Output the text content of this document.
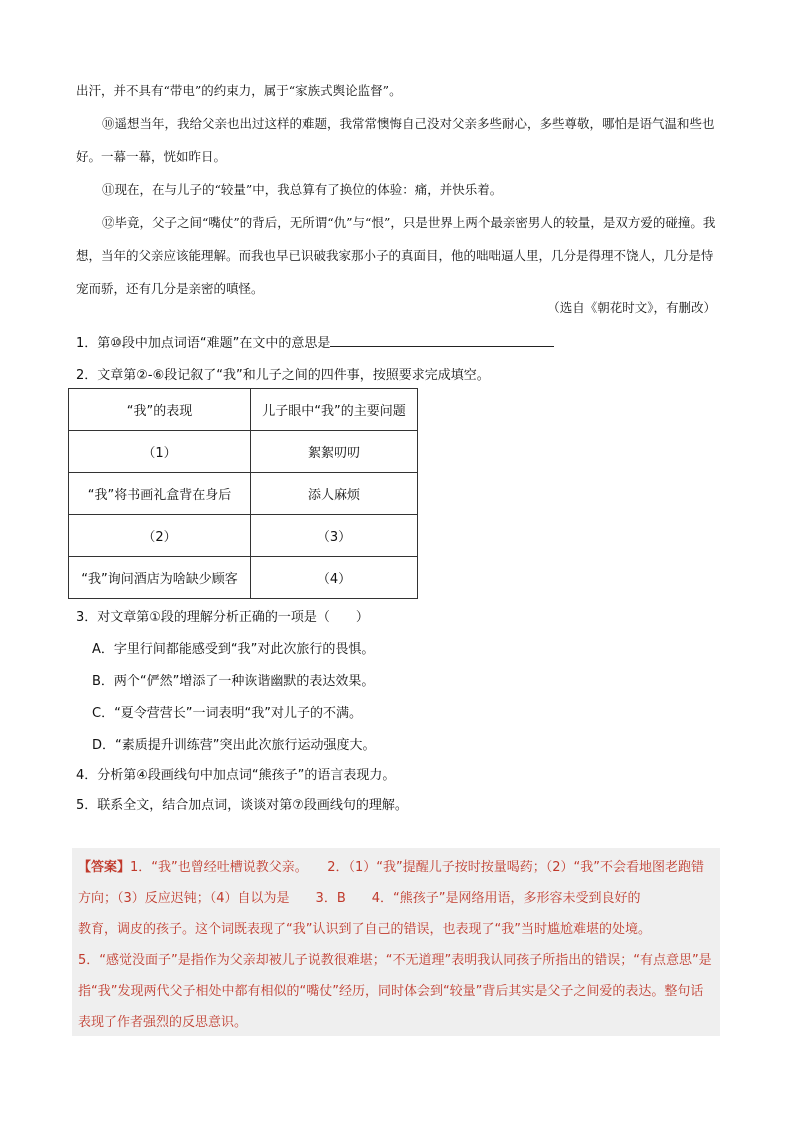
出汗，并不具有“带电”的约束力，属于“家族式舆论监督”。

⑩遥想当年，我给父亲也出过这样的难题，我常常懊悔自己没对父亲多些耐心，多些尊敬，哪怕是语气温和些也好。一幕一幕，恍如昨日。

⑪现在，在与儿子的“较量”中，我总算有了换位的体验：痛，并快乐着。

⑫毕竟，父子之间“嘴仗”的背后，无所谓“仇”与“恨”，只是世界上两个最亲密男人的较量，是双方爱的碰撞。我想，当年的父亲应该能理解。而我也早已识破我家那小子的真面目，他的咄咄逼人里，几分是得理不饶人，几分是恃宠而骄，还有几分是亲密的嗔怪。

（选自《朝花时文》，有删改）
1．第⑩段中加点词语“难题”在文中的意思是
2．文章第②-⑥段记叙了“我”和儿子之间的四件事，按照要求完成填空。
“我”的表现	儿子眼中“我”的主要问题
（1）	絮絮叨叨
“我”将书画礼盒背在身后	添人麻烦
（2）	（3）
“我”询问酒店为啥缺少顾客	（4）
3．对文章第①段的理解分析正确的一项是（　　）
A．字里行间都能感受到“我”对此次旅行的畏惧。
B．两个“俨然”增添了一种诙谐幽默的表达效果。
C．“夏令营营长”一词表明“我”对儿子的不满。
D．“素质提升训练营”突出此次旅行运动强度大。
4．分析第④段画线句中加点词“熊孩子”的语言表现力。
5．联系全文，结合加点词，谈谈对第⑦段画线句的理解。

【答案】1．“我”也曾经吐槽说教父亲。　　2．（1）“我”提醒儿子按时按量喝药；（2）“我”不会看地图老跑错方向；（3）反应迟钝；（4）自以为是　　3．B　　4．“熊孩子”是网络用语，多形容未受到良好的

教育，调皮的孩子。这个词既表现了“我”认识到了自己的错误，也表现了“我”当时尴尬难堪的处境。

5．“感觉没面子”是指作为父亲却被儿子说教很难堪；“不无道理”表明我认同孩子所指出的错误；“有点意思”是指“我”发现两代父子相处中都有相似的“嘴仗”经历，同时体会到“较量”背后其实是父子之间爱的表达。整句话表现了作者强烈的反思意识。
